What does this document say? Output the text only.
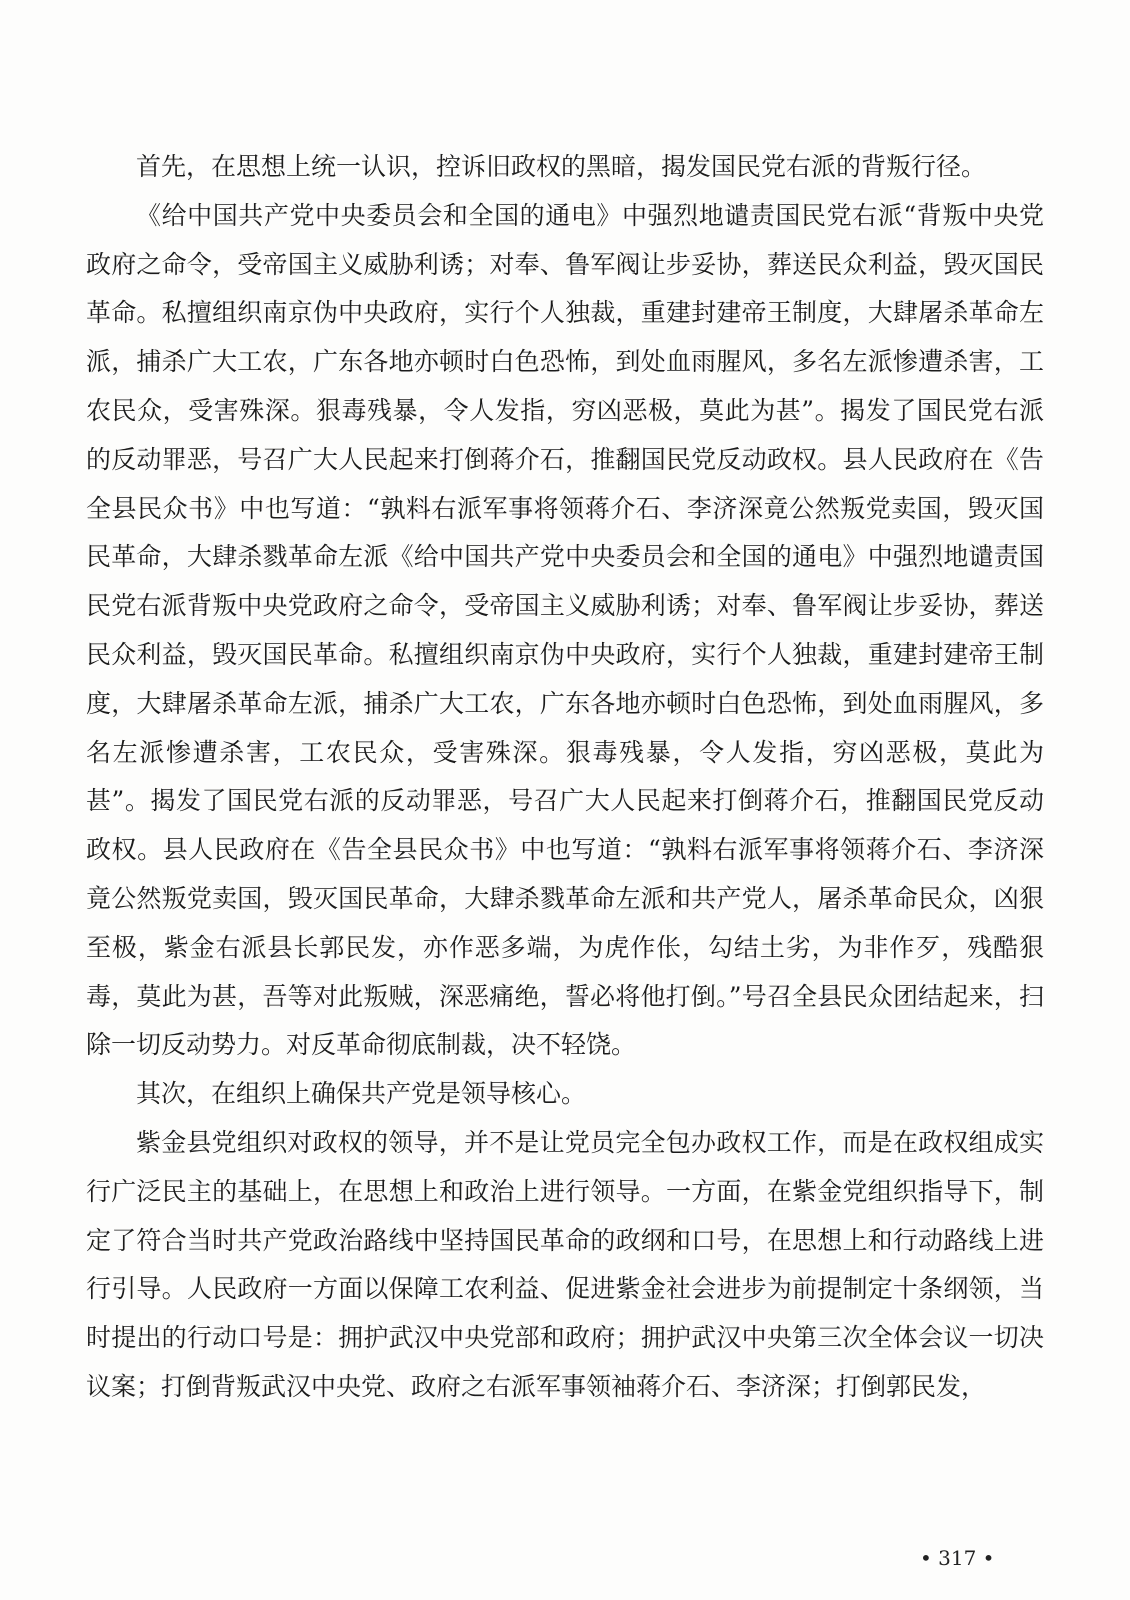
首先，在思想上统一认识，控诉旧政权的黑暗，揭发国民党右派的背叛行径。

《给中国共产党中央委员会和全国的通电》中强烈地谴责国民党右派“背叛中央党政府之命令，受帝国主义威胁利诱；对奉、鲁军阀让步妥协，葬送民众利益，毁灭国民革命。私擅组织南京伪中央政府，实行个人独裁，重建封建帝王制度，大肆屠杀革命左派，捕杀广大工农，广东各地亦顿时白色恐怖，到处血雨腥风，多名左派惨遭杀害，工农民众，受害殊深。狠毒残暴，令人发指，穷凶恶极，莫此为甚”。揭发了国民党右派的反动罪恶，号召广大人民起来打倒蒋介石，推翻国民党反动政权。县人民政府在《告全县民众书》中也写道：“孰料右派军事将领蒋介石、李济深竟公然叛党卖国，毁灭国民革命，大肆杀戮革命左派《给中国共产党中央委员会和全国的通电》中强烈地谴责国民党右派背叛中央党政府之命令，受帝国主义威胁利诱；对奉、鲁军阀让步妥协，葬送民众利益，毁灭国民革命。私擅组织南京伪中央政府，实行个人独裁，重建封建帝王制度，大肆屠杀革命左派，捕杀广大工农，广东各地亦顿时白色恐怖，到处血雨腥风，多名左派惨遭杀害，工农民众，受害殊深。狠毒残暴，令人发指，穷凶恶极，莫此为甚”。揭发了国民党右派的反动罪恶，号召广大人民起来打倒蒋介石，推翻国民党反动政权。县人民政府在《告全县民众书》中也写道：“孰料右派军事将领蒋介石、李济深竟公然叛党卖国，毁灭国民革命，大肆杀戮革命左派和共产党人，屠杀革命民众，凶狠至极，紫金右派县长郭民发，亦作恶多端，为虎作伥，勾结土劣，为非作歹，残酷狠毒，莫此为甚，吾等对此叛贼，深恶痛绝，誓必将他打倒。”号召全县民众团结起来，扫除一切反动势力。对反革命彻底制裁，决不轻饶。

其次，在组织上确保共产党是领导核心。

紫金县党组织对政权的领导，并不是让党员完全包办政权工作，而是在政权组成实行广泛民主的基础上，在思想上和政治上进行领导。一方面，在紫金党组织指导下，制定了符合当时共产党政治路线中坚持国民革命的政纲和口号，在思想上和行动路线上进行引导。人民政府一方面以保障工农利益、促进紫金社会进步为前提制定十条纲领，当时提出的行动口号是：拥护武汉中央党部和政府；拥护武汉中央第三次全体会议一切决议案；打倒背叛武汉中央党、政府之右派军事领袖蒋介石、李济深；打倒郭民发，

• 317 •
